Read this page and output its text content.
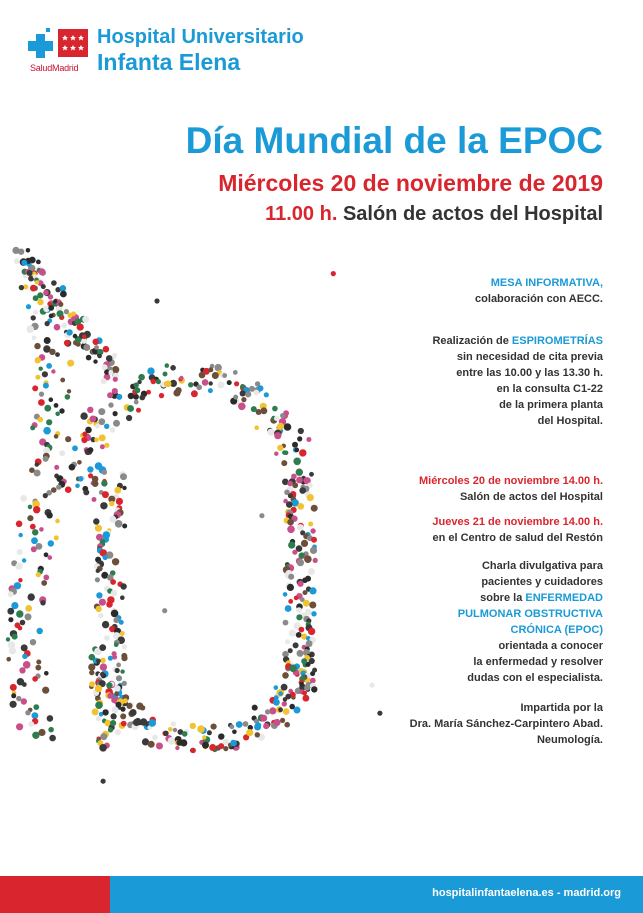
SaludMadrid
Hospital Universitario
Infanta Elena
Día Mundial de la EPOC
Miércoles 20 de noviembre de 2019
11.00 h. Salón de actos del Hospital
MESA INFORMATIVA,
colaboración con AECC.
Realización de ESPIROMETRÍAS
sin necesidad de cita previa
entre las 10.00 y las 13.30 h.
en la consulta C1-22
de la primera planta
del Hospital.
Miércoles 20 de noviembre 14.00 h.
Salón de actos del Hospital
Jueves 21 de noviembre 14.00 h.
en el Centro de salud del Restón
Charla divulgativa para
pacientes y cuidadores
sobre la ENFERMEDAD
PULMONAR OBSTRUCTIVA
CRÓNICA (EPOC)
orientada a conocer
la enfermedad y resolver
dudas con el especialista.
Impartida por la
Dra. María Sánchez-Carpintero Abad.
Neumología.
hospitalinfantaelena.es - madrid.org
